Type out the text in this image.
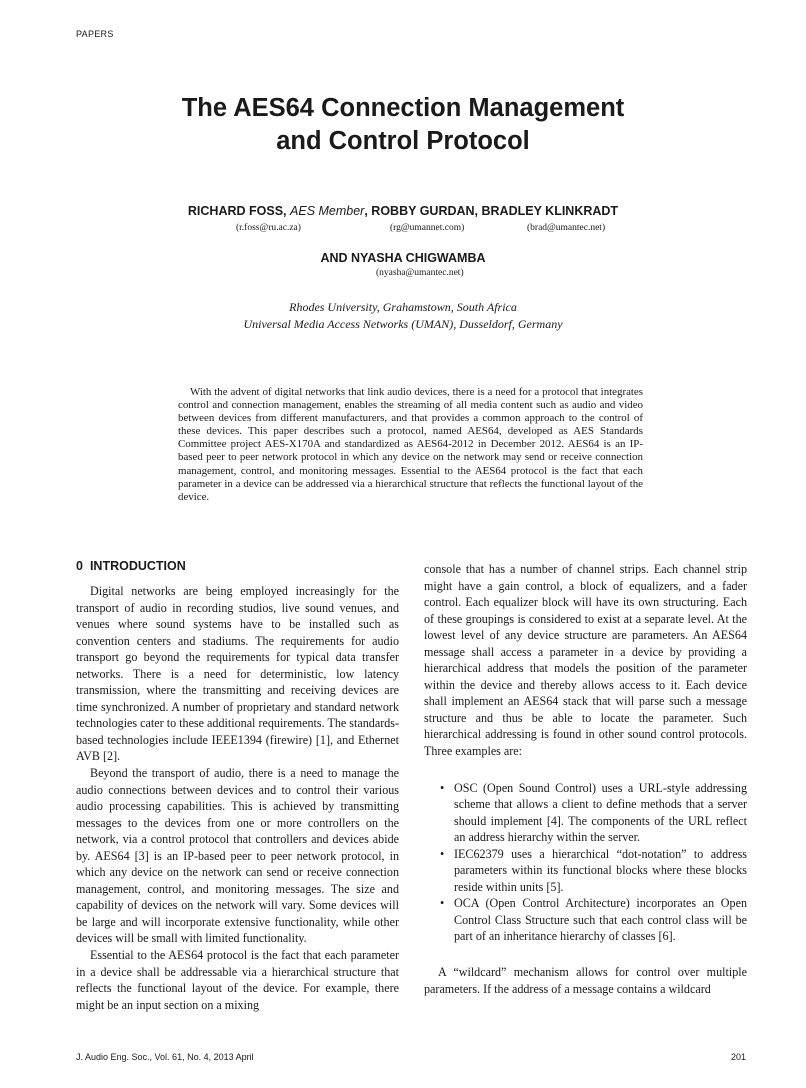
PAPERS
The AES64 Connection Management
and Control Protocol
RICHARD FOSS, AES Member, ROBBY GURDAN, BRADLEY KLINKRADT
(r.foss@ru.ac.za)	(rg@umannet.com)	(brad@umantec.net)
AND NYASHA CHIGWAMBA
(nyasha@umantec.net)
Rhodes University, Grahamstown, South Africa
Universal Media Access Networks (UMAN), Dusseldorf, Germany

With the advent of digital networks that link audio devices, there is a need for a protocol that integrates control and connection management, enables the streaming of all media content such as audio and video between devices from different manufacturers, and that provides a common approach to the control of these devices. This paper describes such a protocol, named AES64, developed as AES Standards Committee project AES-X170A and standardized as AES64-2012 in December 2012. AES64 is an IP-based peer to peer network protocol in which any device on the network may send or receive connection management, control, and monitoring messages. Essential to the AES64 protocol is the fact that each parameter in a device can be addressed via a hierarchical structure that reflects the functional layout of the device.

0 INTRODUCTION

Digital networks are being employed increasingly for the transport of audio in recording studios, live sound venues, and venues where sound systems have to be installed such as convention centers and stadiums. The requirements for audio transport go beyond the requirements for typical data transfer networks. There is a need for deterministic, low latency transmission, where the transmitting and receiving devices are time synchronized. A number of proprietary and standard network technologies cater to these additional requirements. The standards-based technologies include IEEE1394 (firewire) [1], and Ethernet AVB [2].

Beyond the transport of audio, there is a need to manage the audio connections between devices and to control their various audio processing capabilities. This is achieved by transmitting messages to the devices from one or more controllers on the network, via a control protocol that controllers and devices abide by. AES64 [3] is an IP-based peer to peer network protocol, in which any device on the network can send or receive connection management, control, and monitoring messages. The size and capability of devices on the network will vary. Some devices will be large and will incorporate extensive functionality, while other devices will be small with limited functionality.

Essential to the AES64 protocol is the fact that each parameter in a device shall be addressable via a hierarchical structure that reflects the functional layout of the device. For example, there might be an input section on a mixing

console that has a number of channel strips. Each channel strip might have a gain control, a block of equalizers, and a fader control. Each equalizer block will have its own structuring. Each of these groupings is considered to exist at a separate level. At the lowest level of any device structure are parameters. An AES64 message shall access a parameter in a device by providing a hierarchical address that models the position of the parameter within the device and thereby allows access to it. Each device shall implement an AES64 stack that will parse such a message structure and thus be able to locate the parameter. Such hierarchical addressing is found in other sound control protocols. Three examples are:

• OSC (Open Sound Control) uses a URL-style addressing scheme that allows a client to define methods that a server should implement [4]. The components of the URL reflect an address hierarchy within the server.
• IEC62379 uses a hierarchical “dot-notation” to address parameters within its functional blocks where these blocks reside within units [5].
• OCA (Open Control Architecture) incorporates an Open Control Class Structure such that each control class will be part of an inheritance hierarchy of classes [6].

A “wildcard” mechanism allows for control over multiple parameters. If the address of a message contains a wildcard

J. Audio Eng. Soc., Vol. 61, No. 4, 2013 April	201
